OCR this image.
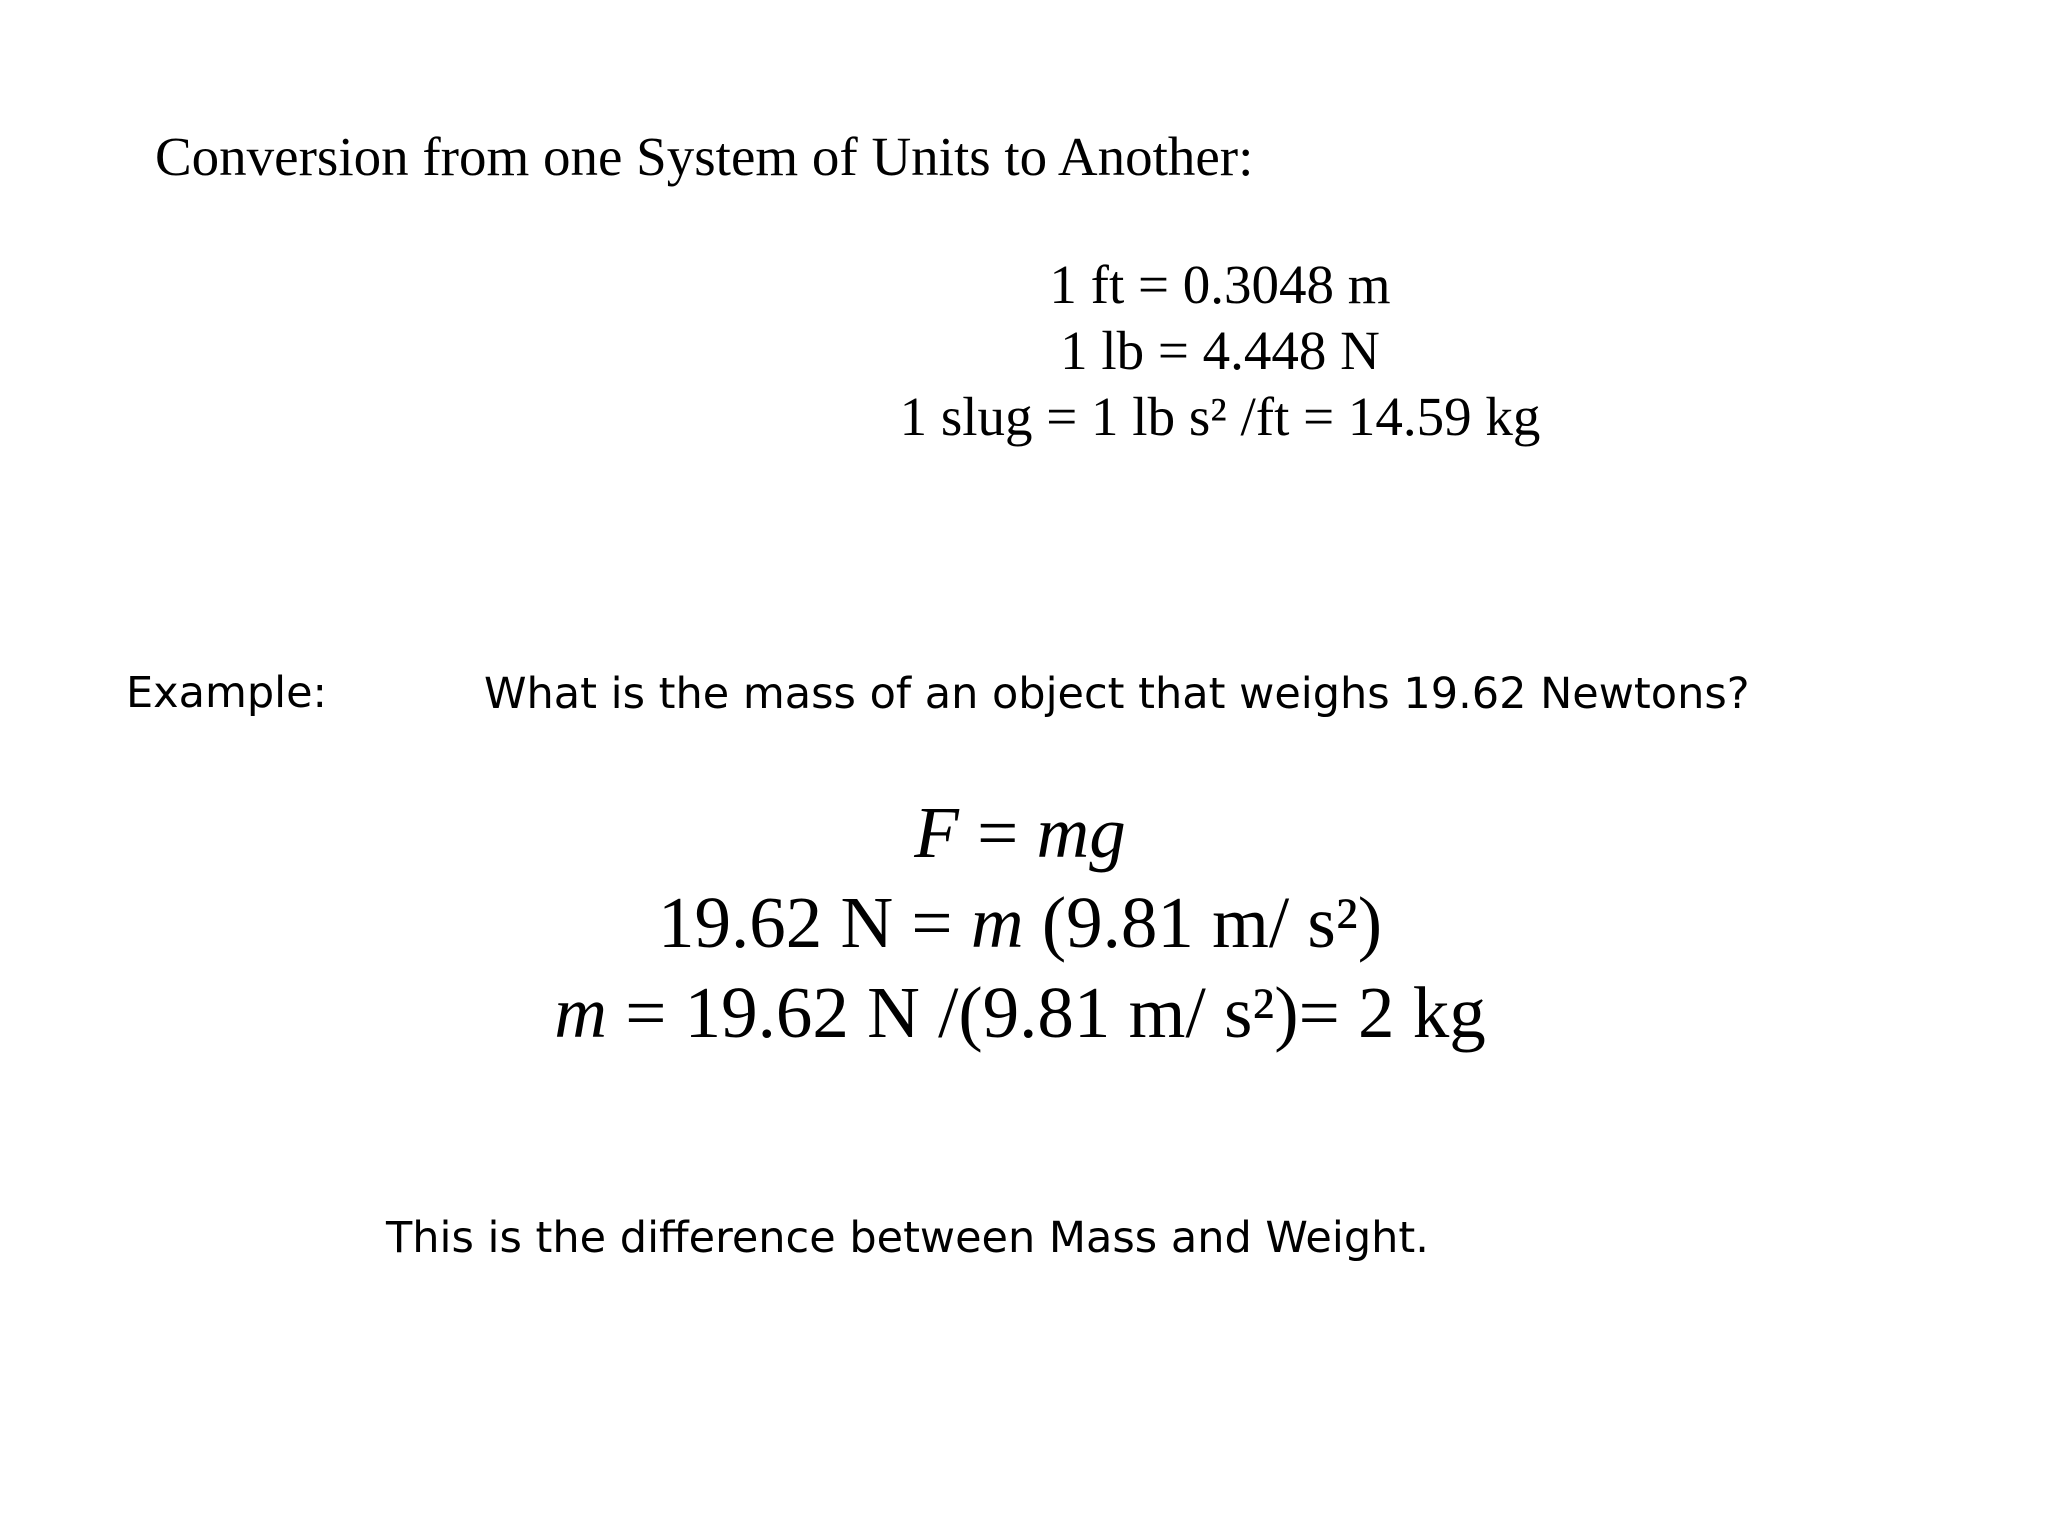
Conversion from one System of Units to Another:
1 ft = 0.3048 m
1 lb = 4.448 N
1 slug = 1 lb s² /ft = 14.59 kg
Example:	What is the mass of an object that weighs 19.62 Newtons?
F = mg
19.62 N = m (9.81 m/ s²)
m = 19.62 N /(9.81 m/ s²)= 2 kg
This is the difference between Mass and Weight.
